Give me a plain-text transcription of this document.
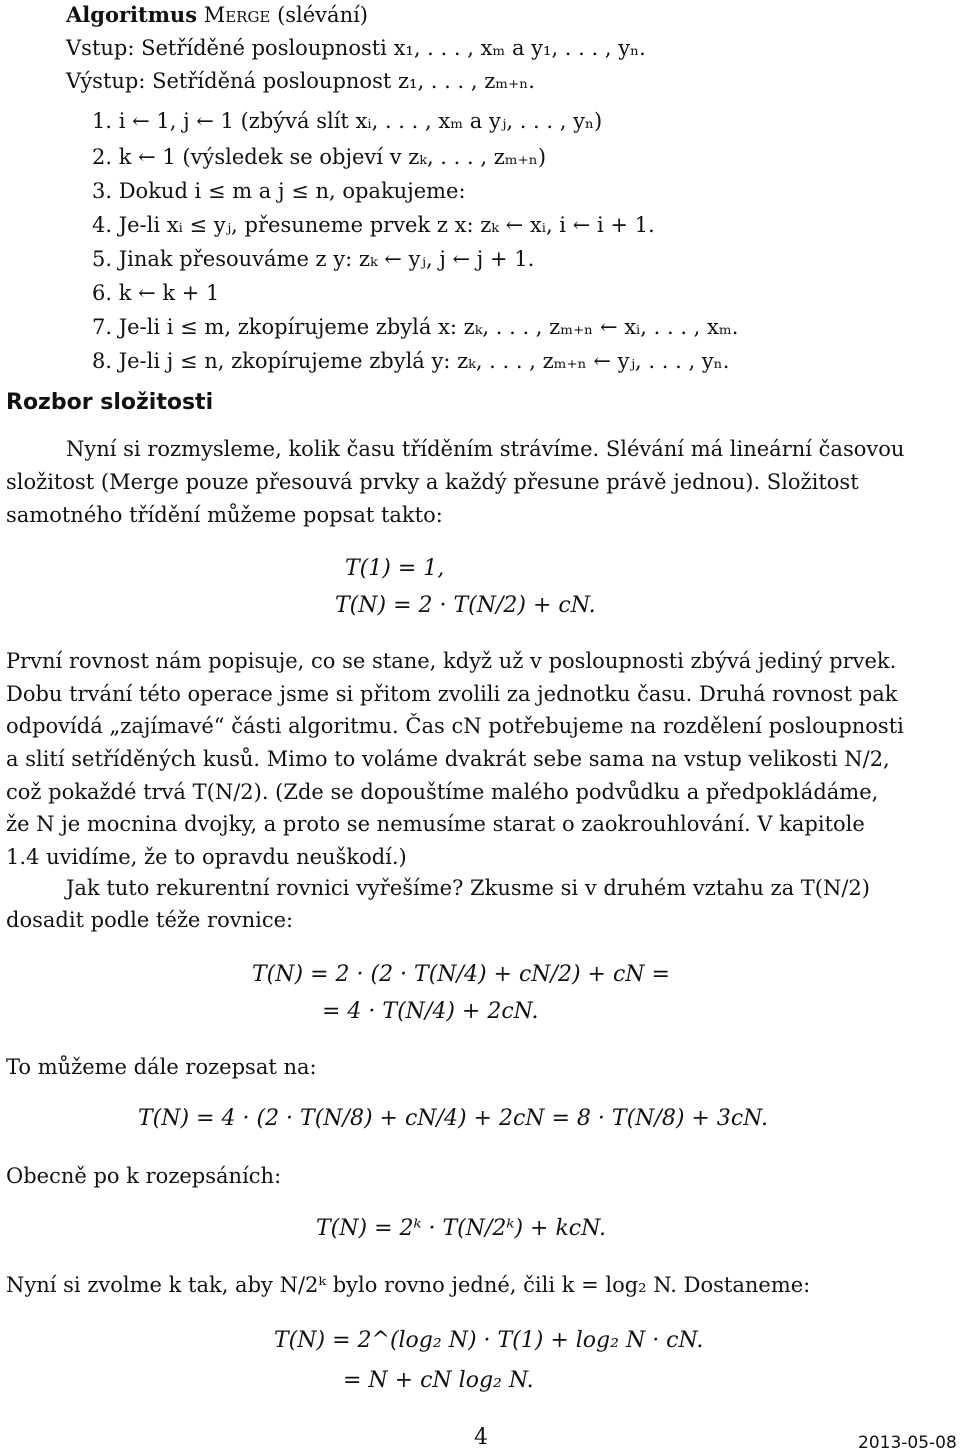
Algoritmus Merge (slévání)
Vstup: Setříděné posloupnosti x₁, . . . , xₘ a y₁, . . . , yₙ.
Výstup: Setříděná posloupnost z₁, . . . , zₘ₊ₙ.
1. i ← 1, j ← 1 (zbývá slít xᵢ, . . . , xₘ a yⱼ, . . . , yₙ)
2. k ← 1 (výsledek se objeví v zₖ, . . . , zₘ₊ₙ)
3. Dokud i ≤ m a j ≤ n, opakujeme:
4. Je-li xᵢ ≤ yⱼ, přesuneme prvek z x: zₖ ← xᵢ, i ← i + 1.
5. Jinak přesouváme z y: zₖ ← yⱼ, j ← j + 1.
6. k ← k + 1
7. Je-li i ≤ m, zkopírujeme zbylá x: zₖ, . . . , zₘ₊ₙ ← xᵢ, . . . , xₘ.
8. Je-li j ≤ n, zkopírujeme zbylá y: zₖ, . . . , zₘ₊ₙ ← yⱼ, . . . , yₙ.
Rozbor složitosti
Nyní si rozmysleme, kolik času tříděním strávíme. Slévání má lineární časovou
složitost (Merge pouze přesouvá prvky a každý přesune právě jednou). Složitost
samotného třídění můžeme popsat takto:
T(1) = 1,
T(N) = 2 · T(N/2) + cN.
První rovnost nám popisuje, co se stane, když už v posloupnosti zbývá jediný prvek.
Dobu trvání této operace jsme si přitom zvolili za jednotku času. Druhá rovnost pak
odpovídá „zajímavé“ části algoritmu. Čas cN potřebujeme na rozdělení posloupnosti
a slití setříděných kusů. Mimo to voláme dvakrát sebe sama na vstup velikosti N/2,
což pokaždé trvá T(N/2). (Zde se dopouštíme malého podvůdku a předpokládáme,
že N je mocnina dvojky, a proto se nemusíme starat o zaokrouhlování. V kapitole
1.4 uvidíme, že to opravdu neuškodí.)
Jak tuto rekurentní rovnici vyřešíme? Zkusme si v druhém vztahu za T(N/2)
dosadit podle téže rovnice:
T(N) = 2 · (2 · T(N/4) + cN/2) + cN =
= 4 · T(N/4) + 2cN.
To můžeme dále rozepsat na:
T(N) = 4 · (2 · T(N/8) + cN/4) + 2cN = 8 · T(N/8) + 3cN.
Obecně po k rozepsáních:
T(N) = 2ᵏ · T(N/2ᵏ) + kcN.
Nyní si zvolme k tak, aby N/2ᵏ bylo rovno jedné, čili k = log₂ N. Dostaneme:
T(N) = 2^(log₂ N) · T(1) + log₂ N · cN.
= N + cN log₂ N.
4	2013-05-08
